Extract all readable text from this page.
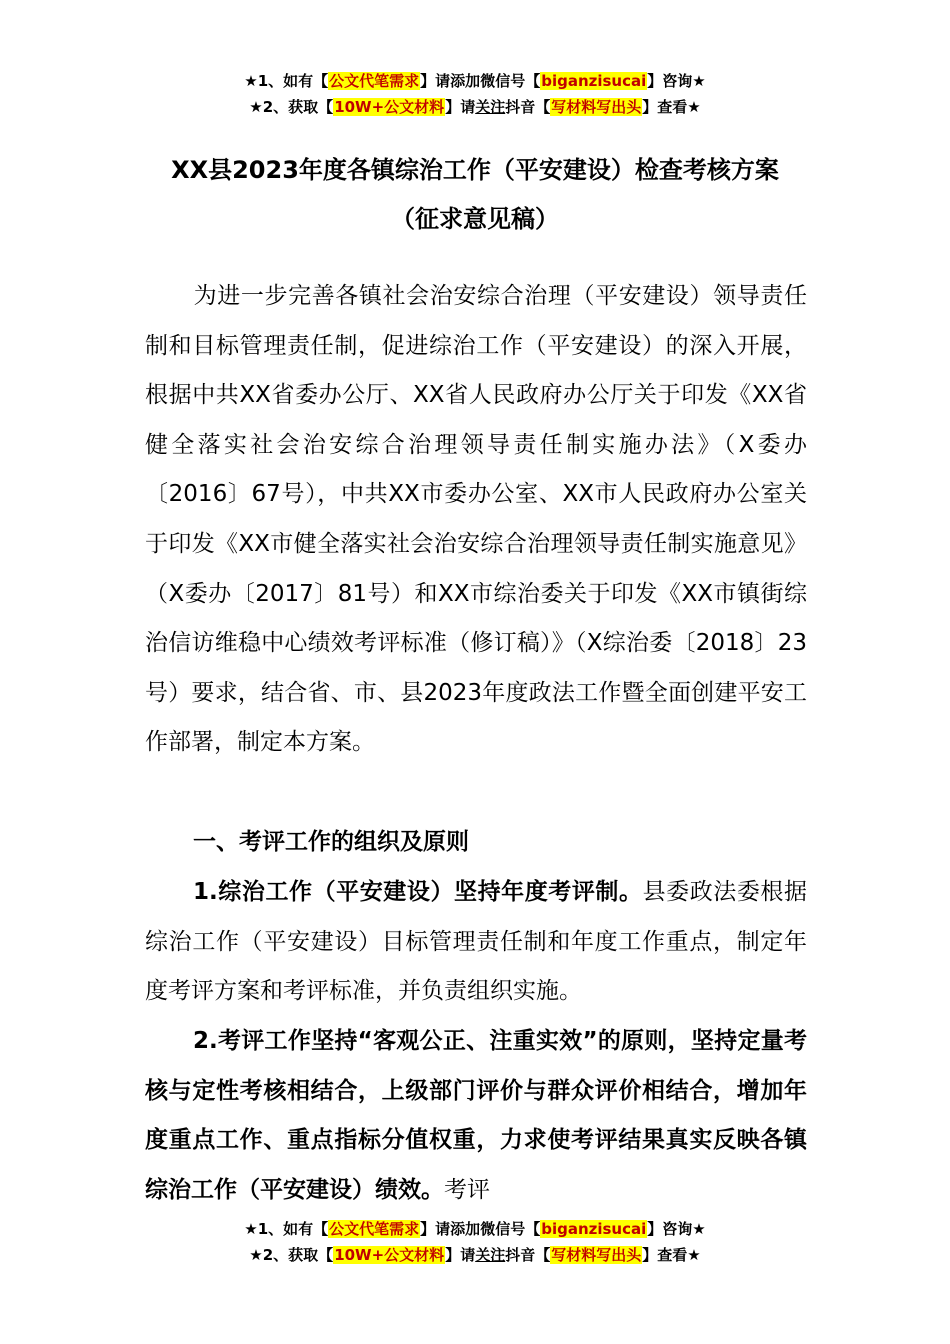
★1、如有【公文代笔需求】请添加微信号【biganzisucai】咨询★
★2、获取【10W+公文材料】请关注抖音【写材料写出头】查看★
XX县2023年度各镇综治工作（平安建设）检查考核方案
（征求意见稿）

为进一步完善各镇社会治安综合治理（平安建设）领导责任制和目标管理责任制，促进综治工作（平安建设）的深入开展，根据中共XX省委办公厅、XX省人民政府办公厅关于印发《XX省健全落实社会治安综合治理领导责任制实施办法》（X委办〔2016〕67号），中共XX市委办公室、XX市人民政府办公室关于印发《XX市健全落实社会治安综合治理领导责任制实施意见》（X委办〔2017〕81号）和XX市综治委关于印发《XX市镇街综治信访维稳中心绩效考评标准（修订稿）》（X综治委〔2018〕23号）要求，结合省、市、县2023年度政法工作暨全面创建平安工作部署，制定本方案。

一、考评工作的组织及原则

1.综治工作（平安建设）坚持年度考评制。县委政法委根据综治工作（平安建设）目标管理责任制和年度工作重点，制定年度考评方案和考评标准，并负责组织实施。

2.考评工作坚持“客观公正、注重实效”的原则，坚持定量考核与定性考核相结合，上级部门评价与群众评价相结合，增加年度重点工作、重点指标分值权重，力求使考评结果真实反映各镇综治工作（平安建设）绩效。考评

★1、如有【公文代笔需求】请添加微信号【biganzisucai】咨询★
★2、获取【10W+公文材料】请关注抖音【写材料写出头】查看★
